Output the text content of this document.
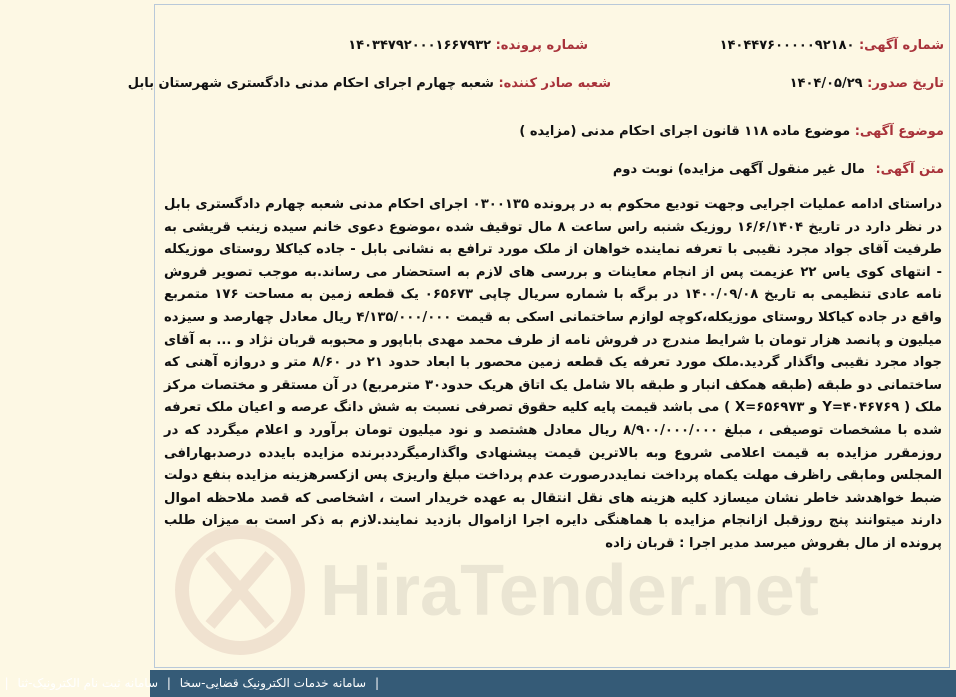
شماره آگهی: ۱۴۰۴۴۷۶۰۰۰۰۰۹۲۱۸۰
شماره پرونده: ۱۴۰۳۴۷۹۲۰۰۰۱۶۶۷۹۳۲
تاریخ صدور: ۱۴۰۴/۰۵/۲۹
شعبه صادر کننده: شعبه چهارم اجرای احکام مدنی دادگستری شهرستان بابل
موضوع آگهی: موضوع ماده ۱۱۸ قانون اجرای احکام مدنی (مزایده )
متن آگهی: مال غیر منقول آگهی مزایده) نوبت دوم
HiraTender.net
دراستای ادامه عملیات اجرایی وجهت تودیع محکوم به در پرونده ۰۳۰۰۱۳۵ اجرای احکام مدنی شعبه چهارم دادگستری بابل در نظر دارد در تاریخ ۱۶/۶/۱۴۰۴ روزیک شنبه راس ساعت ۸ مال توقیف شده ،موضوع دعوی خانم سیده زینب قریشی به طرفیت آقای جواد مجرد نقیبی با تعرفه نماینده خواهان از ملک مورد ترافع به نشانی بابل - جاده کیاکلا روستای موزیکله - انتهای کوی یاس ۲۲ عزیمت پس از انجام معاینات و بررسی های لازم به استحضار می رساند.به موجب تصویر فروش نامه عادی تنظیمی به تاریخ ۱۴۰۰/۰۹/۰۸ در برگه با شماره سریال چاپی ۰۶۵۶۷۳ یک قطعه زمین به مساحت ۱۷۶ متمربع واقع در جاده کیاکلا روستای موزیکله،کوچه لوازم ساختمانی اسکی به قیمت ۴/۱۳۵/۰۰۰/۰۰۰ ریال معادل چهارصد و سیزده میلیون و پانصد هزار تومان با شرایط مندرج در فروش نامه از طرف محمد مهدی باباپور و محبوبه قربان نژاد و ... به آقای جواد مجرد نقیبی واگذار گردید.ملک مورد تعرفه یک قطعه زمین محصور با ابعاد حدود ۲۱ در ۸/۶۰ متر و دروازه آهنی که ساختمانی دو طبقه (طبقه همکف انبار و طبقه بالا شامل یک اتاق هریک حدود۳۰ مترمربع) در آن مستقر و مختصات مرکز ملک ( Y=۴۰۴۶۷۶۹ و X=۶۵۶۹۷۳ ) می باشد قیمت پایه کلیه حقوق تصرفی نسبت به شش دانگ عرصه و اعیان ملک تعرفه شده با مشخصات توصیفی ، مبلغ ۸/۹۰۰/۰۰۰/۰۰۰ ریال معادل هشتصد و نود میلیون تومان برآورد و اعلام میگردد که در روزمقرر مزایده به قیمت اعلامی شروع وبه بالاترین قیمت پیشنهادی واگذارمیگرددبرنده مزایده بایدده درصدبهارافی المجلس ومابقی راظرف مهلت یکماه پرداخت نمایددرصورت عدم پرداخت مبلغ واریزی پس ازکسرهزینه مزایده بنفع دولت ضبط خواهدشد خاطر نشان میسازد کلیه هزینه های نقل انتقال به عهده خریدار است ، اشخاصی که قصد ملاحظه اموال دارند میتوانند پنج روزقبل ازانجام مزایده با هماهنگی دایره اجرا ازاموال بازدید نمایند.لازم به ذکر است به میزان طلب پرونده از مال بفروش میرسد مدیر اجرا : قربان زاده
| سامانه خدمات الکترونیک قضایی-سخا | سامانه ثبت نام الکترونیک-ثنا |
